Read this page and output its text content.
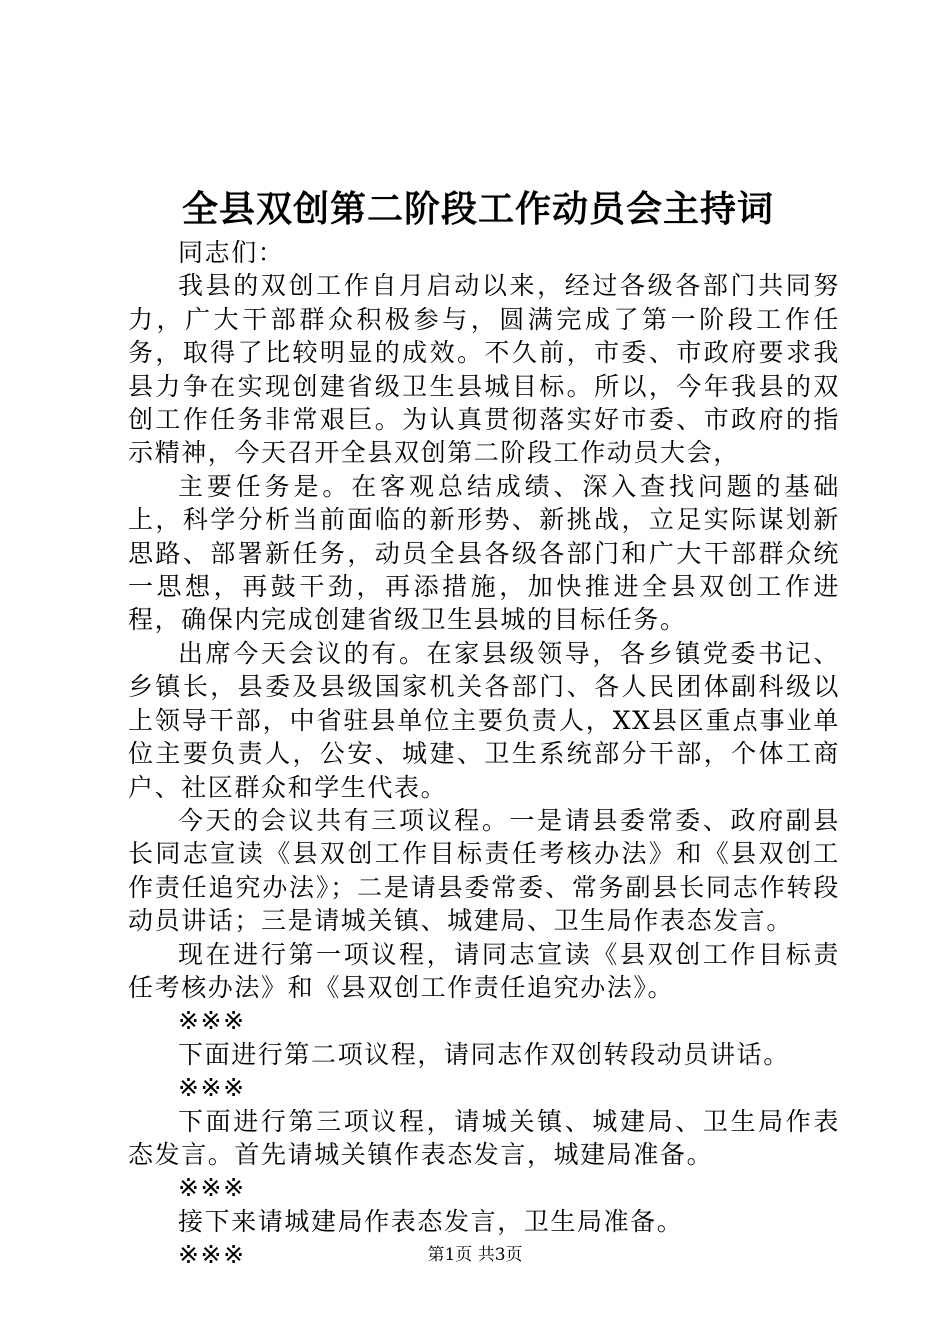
全县双创第二阶段工作动员会主持词

同志们：

我县的双创工作自月启动以来，经过各级各部门共同努力，广大干部群众积极参与，圆满完成了第一阶段工作任务，取得了比较明显的成效。不久前，市委、市政府要求我县力争在实现创建省级卫生县城目标。所以，今年我县的双创工作任务非常艰巨。为认真贯彻落实好市委、市政府的指示精神，今天召开全县双创第二阶段工作动员大会，

主要任务是。在客观总结成绩、深入查找问题的基础上，科学分析当前面临的新形势、新挑战，立足实际谋划新思路、部署新任务，动员全县各级各部门和广大干部群众统一思想，再鼓干劲，再添措施，加快推进全县双创工作进程，确保内完成创建省级卫生县城的目标任务。

出席今天会议的有。在家县级领导，各乡镇党委书记、乡镇长，县委及县级国家机关各部门、各人民团体副科级以上领导干部，中省驻县单位主要负责人，XX县区重点事业单位主要负责人，公安、城建、卫生系统部分干部，个体工商户、社区群众和学生代表。

今天的会议共有三项议程。一是请县委常委、政府副县长同志宣读《县双创工作目标责任考核办法》和《县双创工作责任追究办法》；二是请县委常委、常务副县长同志作转段动员讲话；三是请城关镇、城建局、卫生局作表态发言。

现在进行第一项议程，请同志宣读《县双创工作目标责任考核办法》和《县双创工作责任追究办法》。

※※※

下面进行第二项议程，请同志作双创转段动员讲话。

※※※

下面进行第三项议程，请城关镇、城建局、卫生局作表态发言。首先请城关镇作表态发言，城建局准备。

※※※

接下来请城建局作表态发言，卫生局准备。

※※※	第1页 共3页
